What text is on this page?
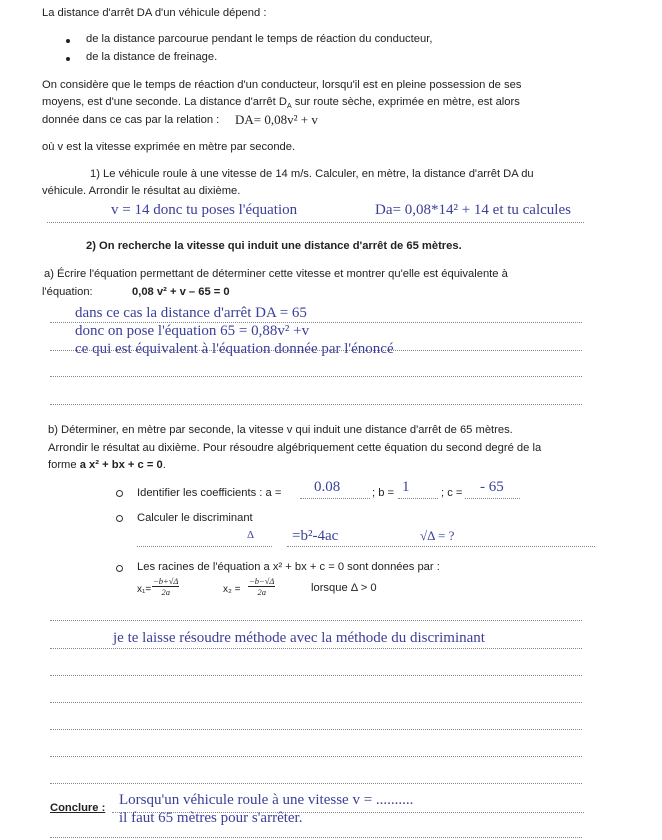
La distance d'arrêt DA d'un véhicule dépend :
de la distance parcourue pendant le temps de réaction du conducteur,
de la distance de freinage.
On considère que le temps de réaction d'un conducteur, lorsqu'il est en pleine possession de ses
moyens, est d'une seconde. La distance d'arrêt $D_A$ sur route sèche, exprimée en mètre, est alors
donnée dans ce cas par la relation : DA= 0,08v² + v
où v est la vitesse exprimée en mètre par seconde.
1) Le véhicule roule à une vitesse de 14 m/s. Calculer, en mètre, la distance d'arrêt DA du
véhicule. Arrondir le résultat au dixième.
v = 14 donc tu poses l'équation	Da= 0,08*14² + 14 et tu calcules
2) On recherche la vitesse qui induit une distance d'arrêt de 65 mètres.
a) Écrire l'équation permettant de déterminer cette vitesse et montrer qu'elle est équivalente à
l'équation:	0,08 v² + v – 65 = 0
dans ce cas la distance d'arrêt DA = 65
donc on pose l'équation 65 = 0,88v² +v
ce qui est équivalent à l'équation donnée par l'énoncé
b) Déterminer, en mètre par seconde, la vitesse v qui induit une distance d'arrêt de 65 mètres.
Arrondir le résultat au dixième. Pour résoudre algébriquement cette équation du second degré de la
forme a x² + bx + c = 0.
Identifier les coefficients : a = 0.08	; b = 1	; c = - 65
Calculer le discriminant
Δ	=b²-4ac	√Δ = ?
Les racines de l'équation a x² + bx + c = 0 sont données par :
$x_1= \frac{-b+√\Delta}{2a}$	$x_2 = \frac{-b-√\Delta}{2a}$	lorsque Δ > 0
je te laisse résoudre méthode avec la méthode du discriminant
Conclure : Lorsqu'un véhicule roule à une vitesse v = ..........
il faut 65 mètres pour s'arrêter.
